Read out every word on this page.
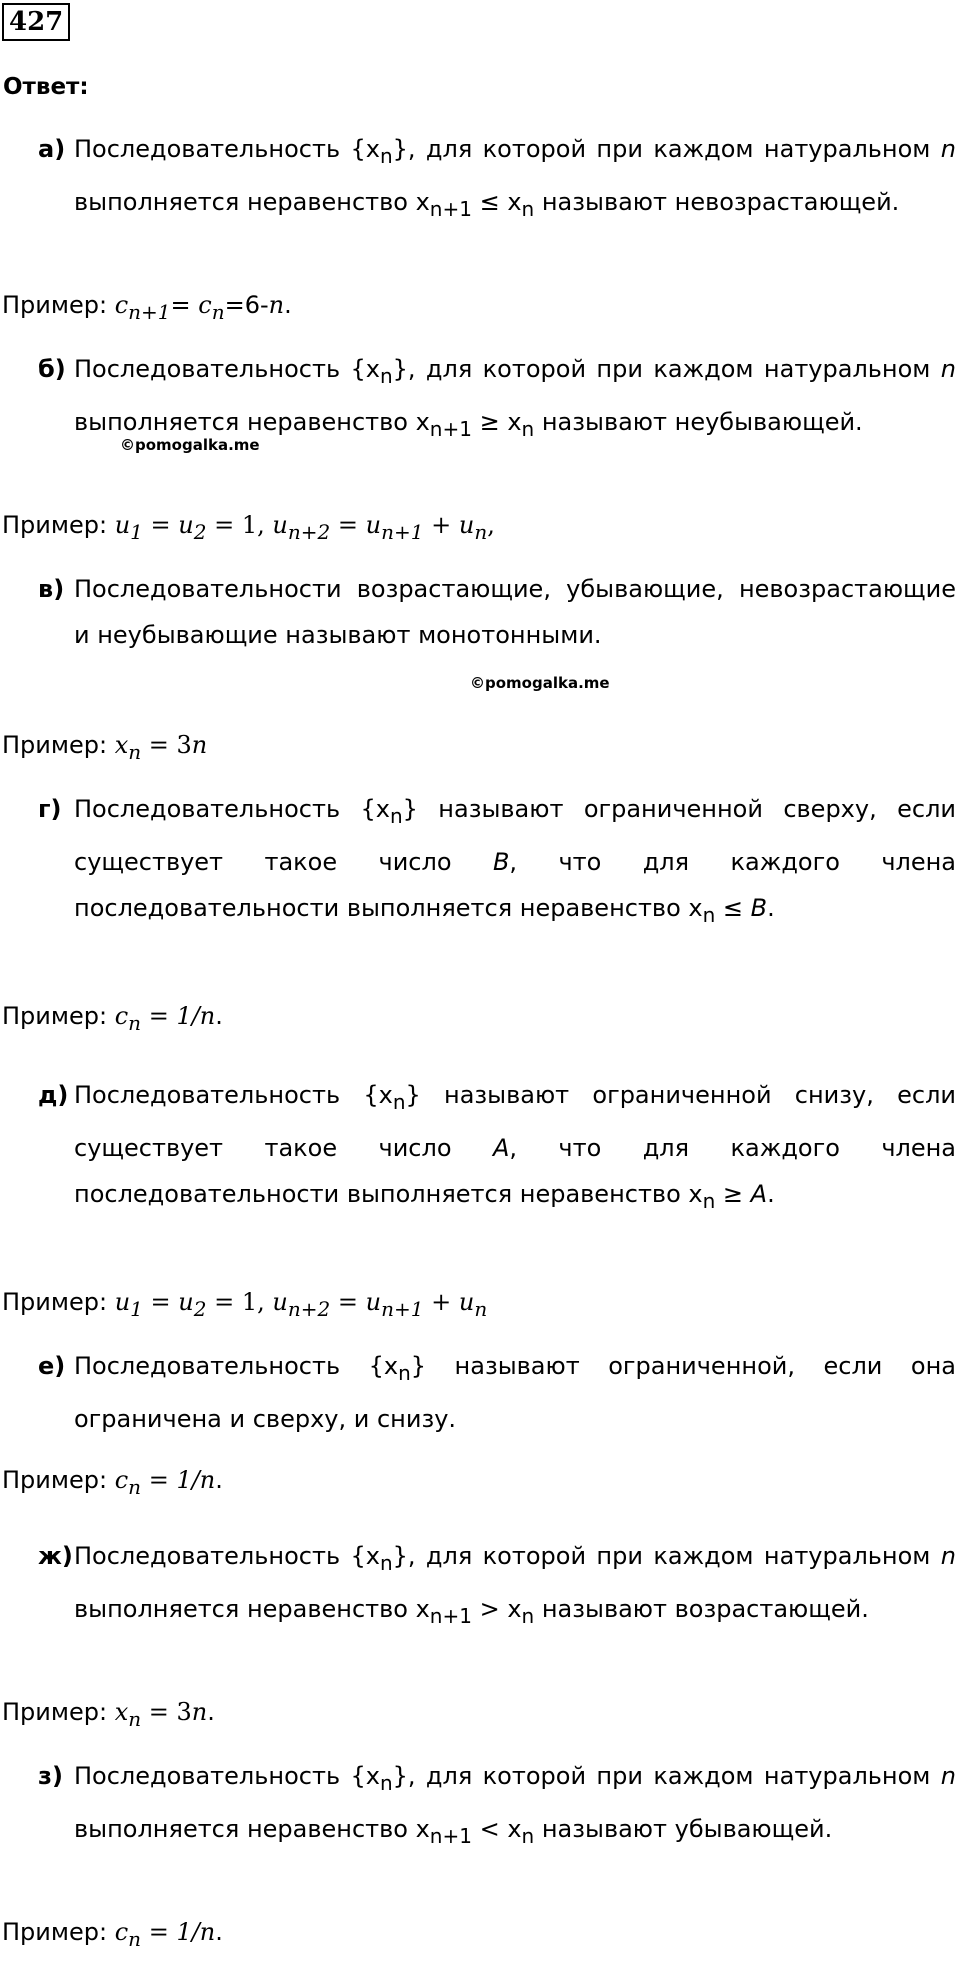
427
Ответ:
а) Последовательность $\{x_n\}$, для которой при каждом натуральном n выполняется неравенство $x_{n+1} \le x_n$ называют невозрастающей.
Пример: $c_{n+1}= c_n=6-n$.
б) Последовательность $\{x_n\}$, для которой при каждом натуральном n выполняется неравенство $x_{n+1} \ge x_n$ называют неубывающей.
Пример: $u_1 = u_2 = 1$, $u_{n+2} = u_{n+1} + u_n$,
в) Последовательности возрастающие, убывающие, невозрастающие и неубывающие называют монотонными.
Пример: $x_n = 3n$
г) Последовательность $\{x_n\}$ называют ограниченной сверху, если существует такое число B, что для каждого члена последовательности выполняется неравенство $x_n \le B$.
Пример: $c_n = 1/n$.
д) Последовательность $\{x_n\}$ называют ограниченной снизу, если существует такое число A, что для каждого члена последовательности выполняется неравенство $x_n \ge A$.
Пример: $u_1 = u_2 = 1$, $u_{n+2} = u_{n+1} + u_n$
е) Последовательность $\{x_n\}$ называют ограниченной, если она ограничена и сверху, и снизу.
Пример: $c_n = 1/n$.
ж) Последовательность $\{x_n\}$, для которой при каждом натуральном n выполняется неравенство $x_{n+1} > x_n$ называют возрастающей.
Пример: $x_n = 3n$.
з) Последовательность $\{x_n\}$, для которой при каждом натуральном n выполняется неравенство $x_{n+1} < x_n$ называют убывающей.
Пример: $c_n = 1/n$.
©pomogalka.me
©pomogalka.me
